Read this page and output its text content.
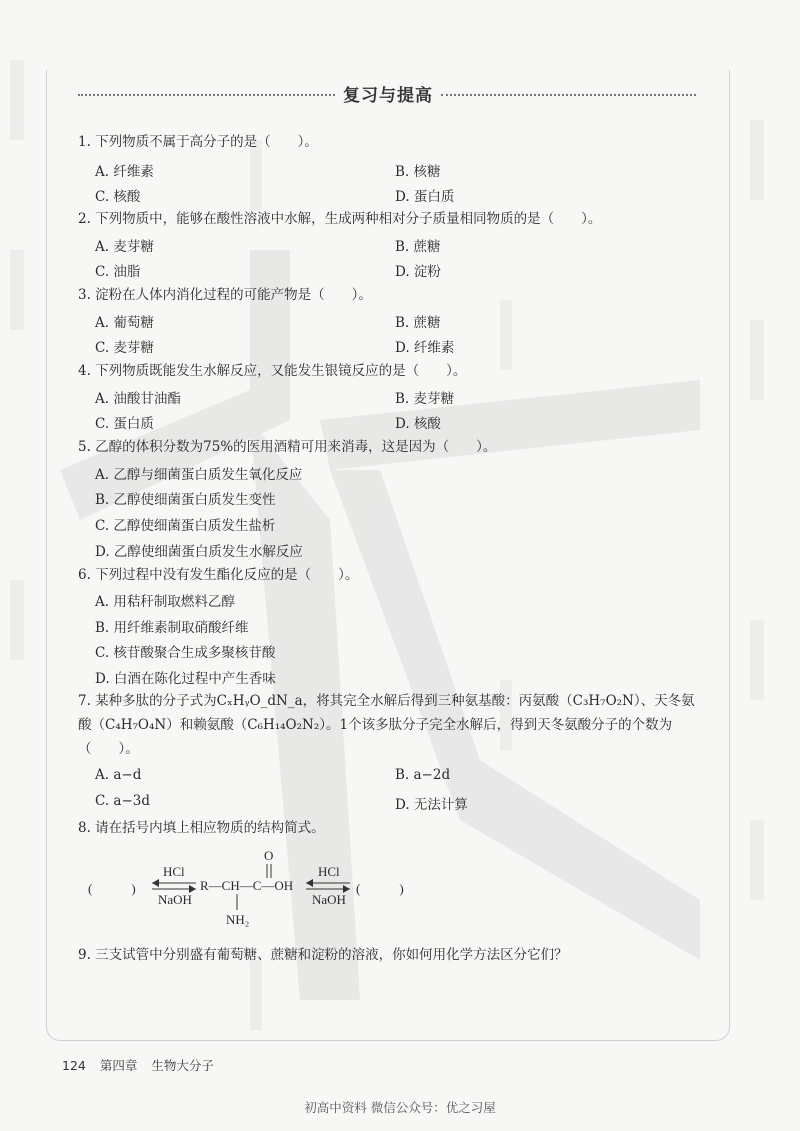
复习与提高
1. 下列物质不属于高分子的是（　　）。
A. 纤维素	B. 核糖
C. 核酸	D. 蛋白质
2. 下列物质中，能够在酸性溶液中水解，生成两种相对分子质量相同物质的是（　　）。
A. 麦芽糖	B. 蔗糖
C. 油脂	D. 淀粉
3. 淀粉在人体内消化过程的可能产物是（　　）。
A. 葡萄糖	B. 蔗糖
C. 麦芽糖	D. 纤维素
4. 下列物质既能发生水解反应，又能发生银镜反应的是（　　）。
A. 油酸甘油酯	B. 麦芽糖
C. 蛋白质	D. 核酸
5. 乙醇的体积分数为75%的医用酒精可用来消毒，这是因为（　　）。
A. 乙醇与细菌蛋白质发生氧化反应
B. 乙醇使细菌蛋白质发生变性
C. 乙醇使细菌蛋白质发生盐析
D. 乙醇使细菌蛋白质发生水解反应
6. 下列过程中没有发生酯化反应的是（　　）。
A. 用秸秆制取燃料乙醇
B. 用纤维素制取硝酸纤维
C. 核苷酸聚合生成多聚核苷酸
D. 白酒在陈化过程中产生香味
7. 某种多肽的分子式为CₓHᵧO_dN_a，将其完全水解后得到三种氨基酸：丙氨酸（C₃H₇O₂N）、天冬氨酸（C₄H₇O₄N）和赖氨酸（C₆H₁₄O₂N₂）。1个该多肽分子完全水解后，得到天冬氨酸分子的个数为（　　）。
A. a−d	B. a−2d
C. a−3d	D. 无法计算
8. 请在括号内填上相应物质的结构简式。
(　　　)
HCl
NaOH
O
R—CH—C—OH
NH₂
HCl
NaOH
(　　　)
9. 三支试管中分别盛有葡萄糖、蔗糖和淀粉的溶液，你如何用化学方法区分它们？
124 第四章 生物大分子
初高中资料 微信公众号：优之习屋
